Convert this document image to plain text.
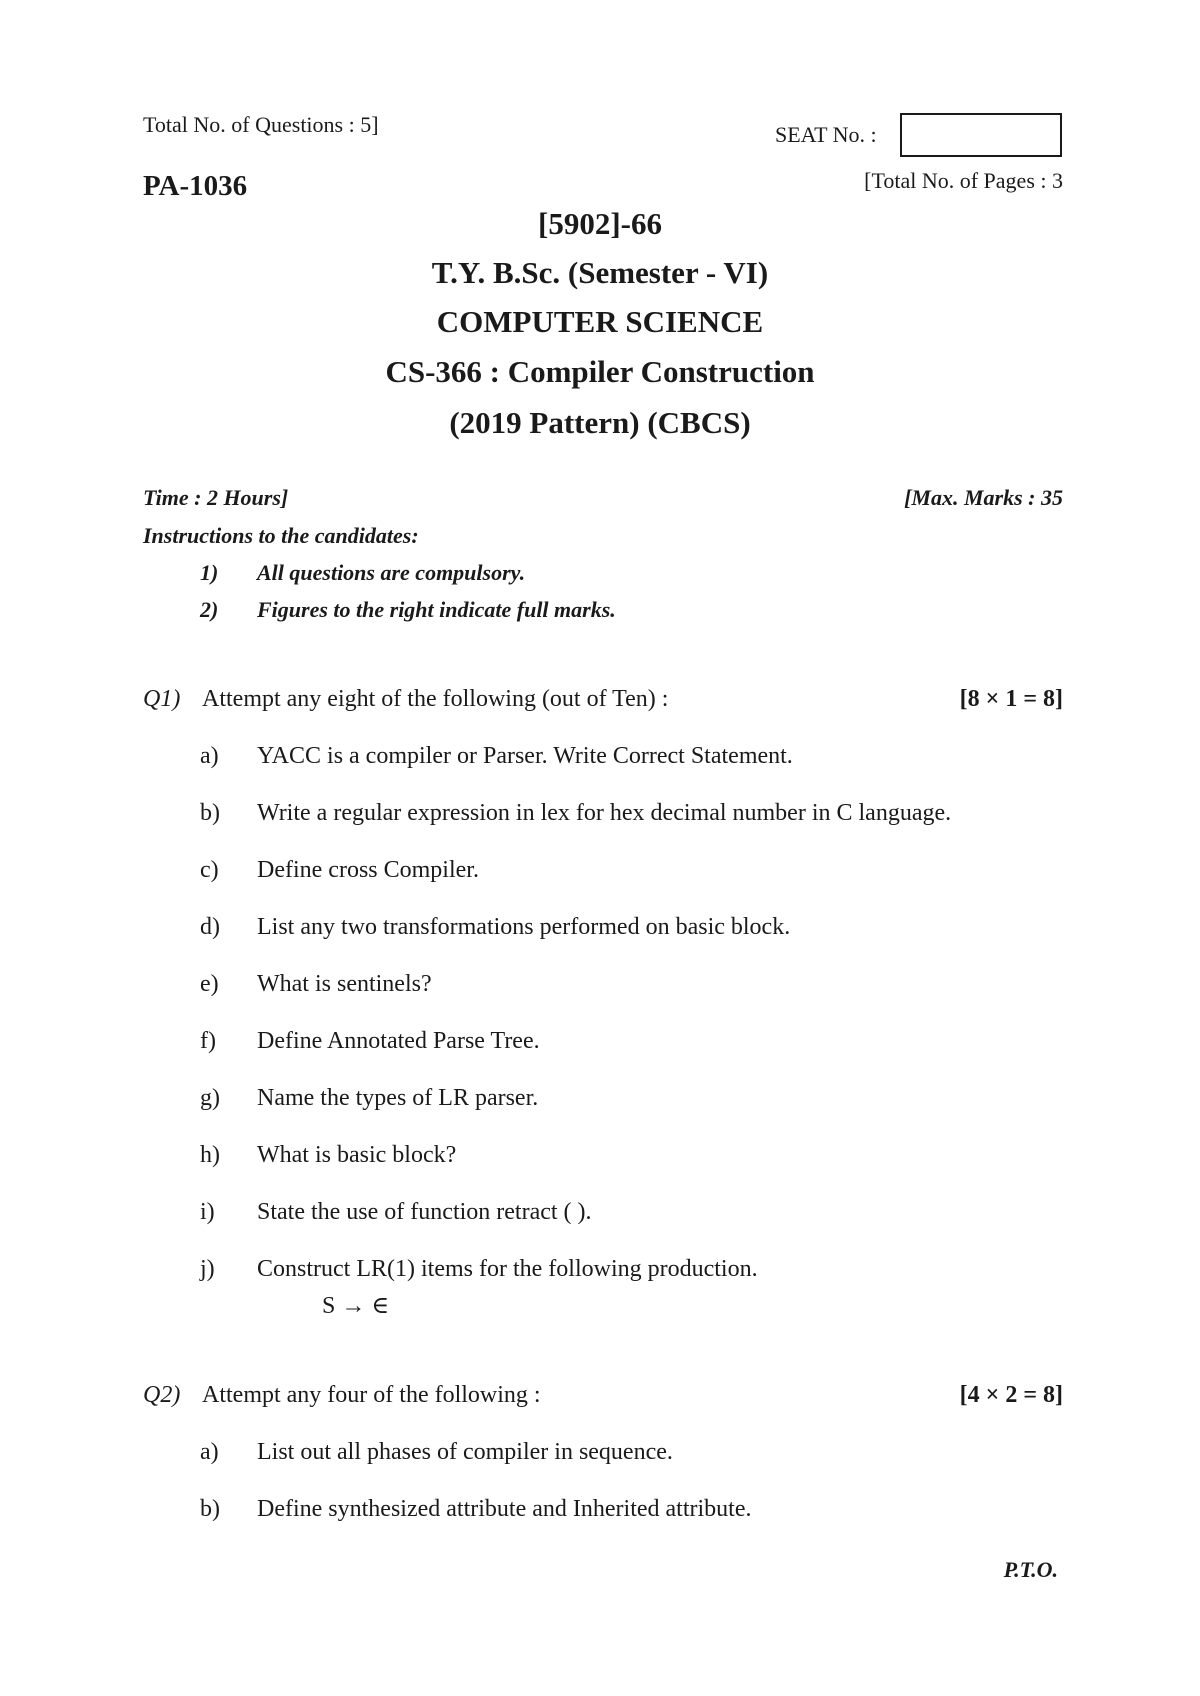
Total No. of Questions : 5]
PA-1036
SEAT No. :
[Total No. of Pages : 3
[5902]-66
T.Y. B.Sc. (Semester - VI)
COMPUTER SCIENCE
CS-366 : Compiler Construction
(2019 Pattern) (CBCS)
Time : 2 Hours]	[Max. Marks : 35
Instructions to the candidates:
1) All questions are compulsory.
2) Figures to the right indicate full marks.
Q1) Attempt any eight of the following (out of Ten) :	[8 × 1 = 8]
a) YACC is a compiler or Parser. Write Correct Statement.
b) Write a regular expression in lex for hex decimal number in C language.
c) Define cross Compiler.
d) List any two transformations performed on basic block.
e) What is sentinels?
f) Define Annotated Parse Tree.
g) Name the types of LR parser.
h) What is basic block?
i) State the use of function retract ( ).
j) Construct LR(1) items for the following production.
S → ∈
Q2) Attempt any four of the following :	[4 × 2 = 8]
a) List out all phases of compiler in sequence.
b) Define synthesized attribute and Inherited attribute.
P.T.O.
